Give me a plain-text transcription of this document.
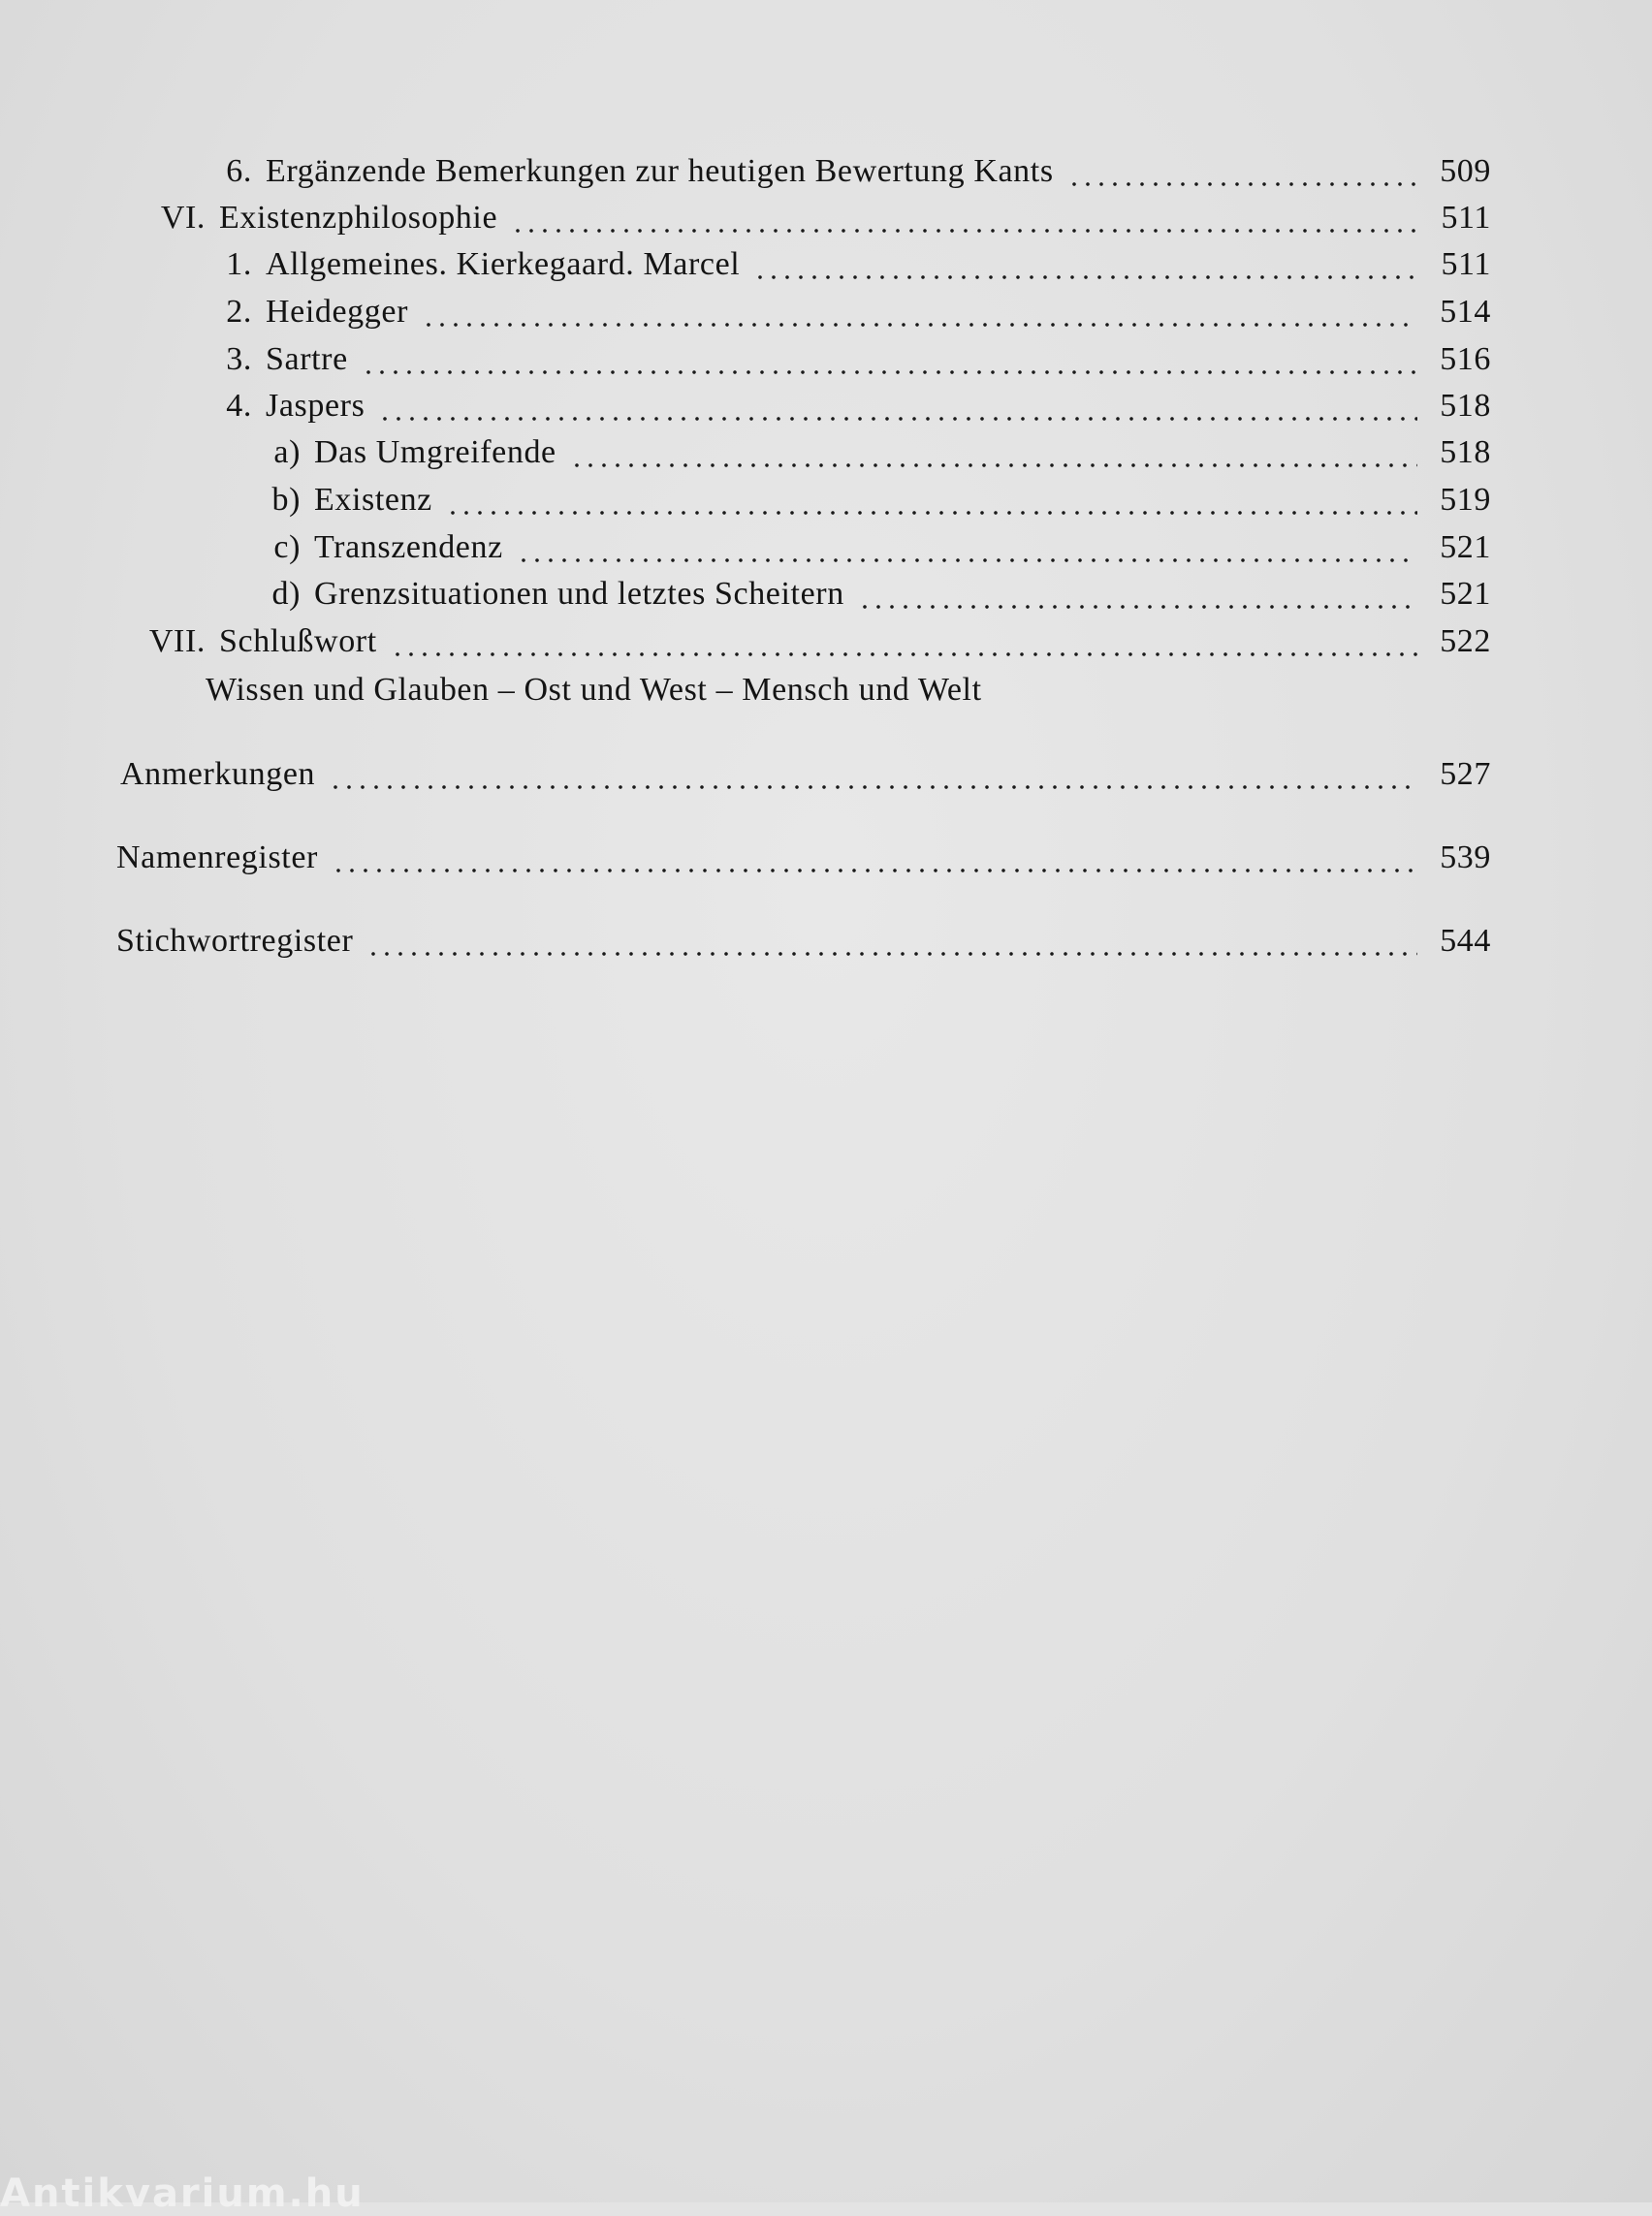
6. Ergänzende Bemerkungen zur heutigen Bewertung Kants	509
VI. Existenzphilosophie	511
1. Allgemeines. Kierkegaard. Marcel	511
2. Heidegger	514
3. Sartre	516
4. Jaspers	518
a) Das Umgreifende	518
b) Existenz	519
c) Transzendenz	521
d) Grenzsituationen und letztes Scheitern	521
VII. Schlußwort	522
Wissen und Glauben – Ost und West – Mensch und Welt
Anmerkungen	527
Namenregister	539
Stichwortregister	544
Antikvarium.hu
